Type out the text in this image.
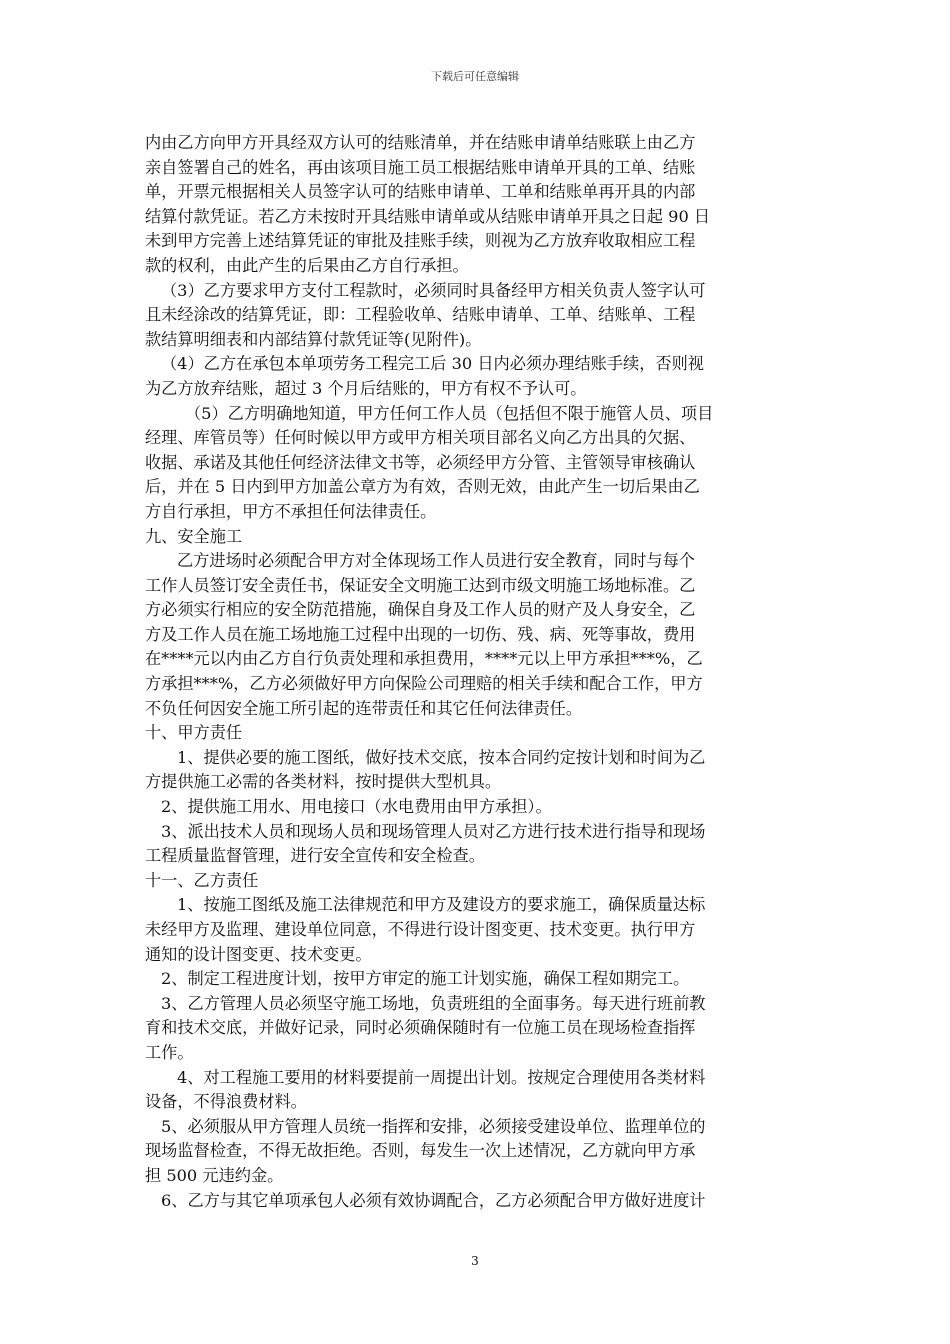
下载后可任意编辑
内由乙方向甲方开具经双方认可的结账清单，并在结账申请单结账联上由乙方
亲自签署自己的姓名，再由该项目施工员工根据结账申请单开具的工单、结账
单，开票元根据相关人员签字认可的结账申请单、工单和结账单再开具的内部
结算付款凭证。若乙方未按时开具结账申请单或从结账申请单开具之日起 90 日
未到甲方完善上述结算凭证的审批及挂账手续，则视为乙方放弃收取相应工程
款的权利，由此产生的后果由乙方自行承担。
（3）乙方要求甲方支付工程款时，必须同时具备经甲方相关负责人签字认可
且未经涂改的结算凭证，即：工程验收单、结账申请单、工单、结账单、工程
款结算明细表和内部结算付款凭证等(见附件)。
（4）乙方在承包本单项劳务工程完工后 30 日内必须办理结账手续，否则视
为乙方放弃结账，超过 3 个月后结账的，甲方有权不予认可。
（5）乙方明确地知道，甲方任何工作人员（包括但不限于施管人员、项目
经理、库管员等）任何时候以甲方或甲方相关项目部名义向乙方出具的欠据、
收据、承诺及其他任何经济法律文书等，必须经甲方分管、主管领导审核确认
后，并在 5 日内到甲方加盖公章方为有效，否则无效，由此产生一切后果由乙
方自行承担，甲方不承担任何法律责任。
九、安全施工
乙方进场时必须配合甲方对全体现场工作人员进行安全教育，同时与每个
工作人员签订安全责任书，保证安全文明施工达到市级文明施工场地标准。乙
方必须实行相应的安全防范措施，确保自身及工作人员的财产及人身安全，乙
方及工作人员在施工场地施工过程中出现的一切伤、残、病、死等事故，费用
在****元以内由乙方自行负责处理和承担费用，****元以上甲方承担***%，乙
方承担***%，乙方必须做好甲方向保险公司理赔的相关手续和配合工作，甲方
不负任何因安全施工所引起的连带责任和其它任何法律责任。
十、甲方责任
1、提供必要的施工图纸，做好技术交底，按本合同约定按计划和时间为乙
方提供施工必需的各类材料，按时提供大型机具。
2、提供施工用水、用电接口（水电费用由甲方承担）。
3、派出技术人员和现场人员和现场管理人员对乙方进行技术进行指导和现场
工程质量监督管理，进行安全宣传和安全检查。
十一、乙方责任
1、按施工图纸及施工法律规范和甲方及建设方的要求施工，确保质量达标
未经甲方及监理、建设单位同意，不得进行设计图变更、技术变更。执行甲方
通知的设计图变更、技术变更。
2、制定工程进度计划，按甲方审定的施工计划实施，确保工程如期完工。
3、乙方管理人员必须坚守施工场地，负责班组的全面事务。每天进行班前教
育和技术交底，并做好记录，同时必须确保随时有一位施工员在现场检查指挥
工作。
4、对工程施工要用的材料要提前一周提出计划。按规定合理使用各类材料
设备，不得浪费材料。
5、必须服从甲方管理人员统一指挥和安排，必须接受建设单位、监理单位的
现场监督检查，不得无故拒绝。否则，每发生一次上述情况，乙方就向甲方承
担 500 元违约金。
6、乙方与其它单项承包人必须有效协调配合，乙方必须配合甲方做好进度计
3
